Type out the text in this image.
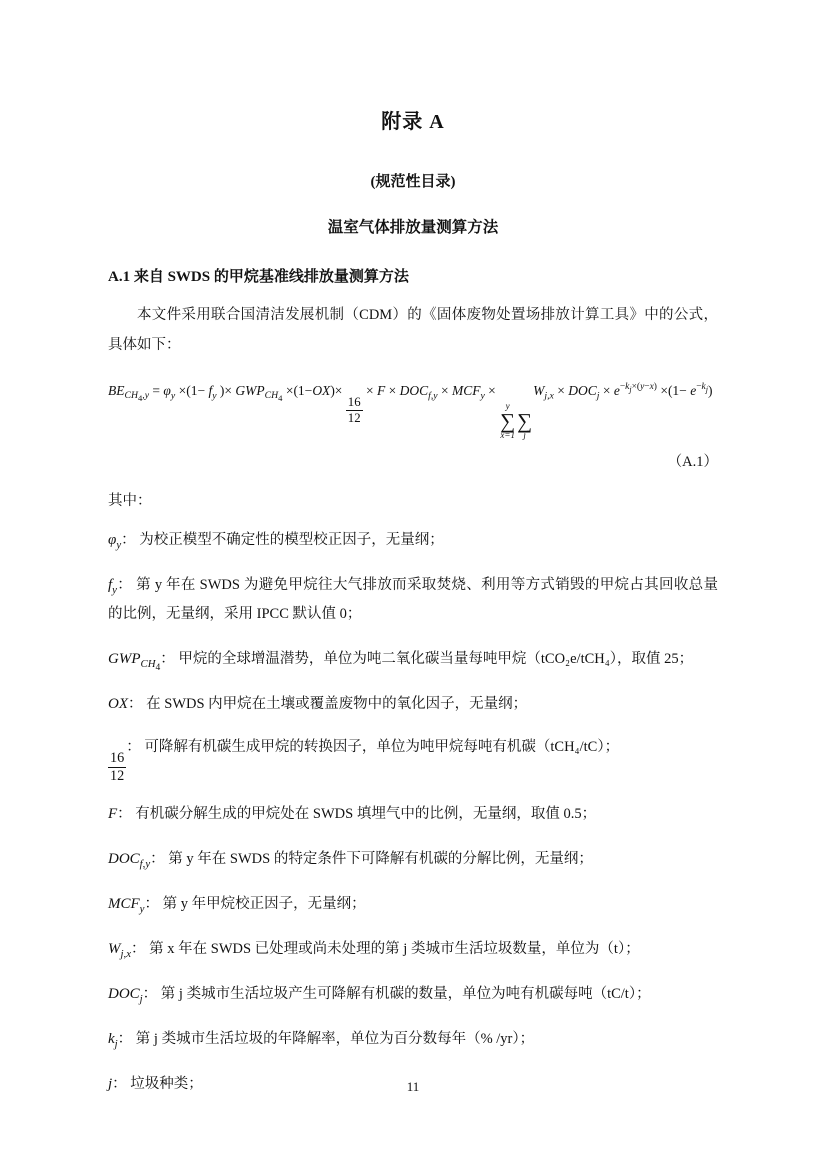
附录 A
(规范性目录)
温室气体排放量测算方法
A.1 来自 SWDS 的甲烷基准线排放量测算方法
本文件采用联合国清洁发展机制（CDM）的《固体废物处置场排放计算工具》中的公式，具体如下：
$BE_{CH_4,y} = \varphi_y \times(1- f_y$ )× $GWP_{CH_4} \times(1-OX)\times$
$\frac{16}{12}$
× $F \times DOC_{f,y} \times MCF_y$ ×
y
∑
x=1

∑
j
$W_{j,x} \times DOC_j \times e^{-k_j\times(y-x)} \times(1- e^{-k_j})$
（A.1）
其中：
$\varphi_y$： 为校正模型不确定性的模型校正因子，无量纲；
$f_y$： 第 y 年在 SWDS 为避免甲烷往大气排放而采取焚烧、利用等方式销毁的甲烷占其回收总量的比例，无量纲，采用 IPCC 默认值 0；
$GWP_{CH_4}$： 甲烷的全球增温潜势，单位为吨二氧化碳当量每吨甲烷（tCO₂e/tCH₄），取值 25；
OX： 在 SWDS 内甲烷在土壤或覆盖废物中的氧化因子，无量纲；
$\frac{16}{12}$
： 可降解有机碳生成甲烷的转换因子，单位为吨甲烷每吨有机碳（tCH₄/tC）；
F： 有机碳分解生成的甲烷处在 SWDS 填埋气中的比例，无量纲，取值 0.5；
$DOC_{f,y}$： 第 y 年在 SWDS 的特定条件下可降解有机碳的分解比例，无量纲；
$MCF_y$： 第 y 年甲烷校正因子，无量纲；
$W_{j,x}$： 第 x 年在 SWDS 已处理或尚未处理的第 j 类城市生活垃圾数量，单位为（t）；
$DOC_j$： 第 j 类城市生活垃圾产生可降解有机碳的数量，单位为吨有机碳每吨（tC/t）；
$k_j$： 第 j 类城市生活垃圾的年降解率，单位为百分数每年（% /yr）；
j： 垃圾种类；	11
